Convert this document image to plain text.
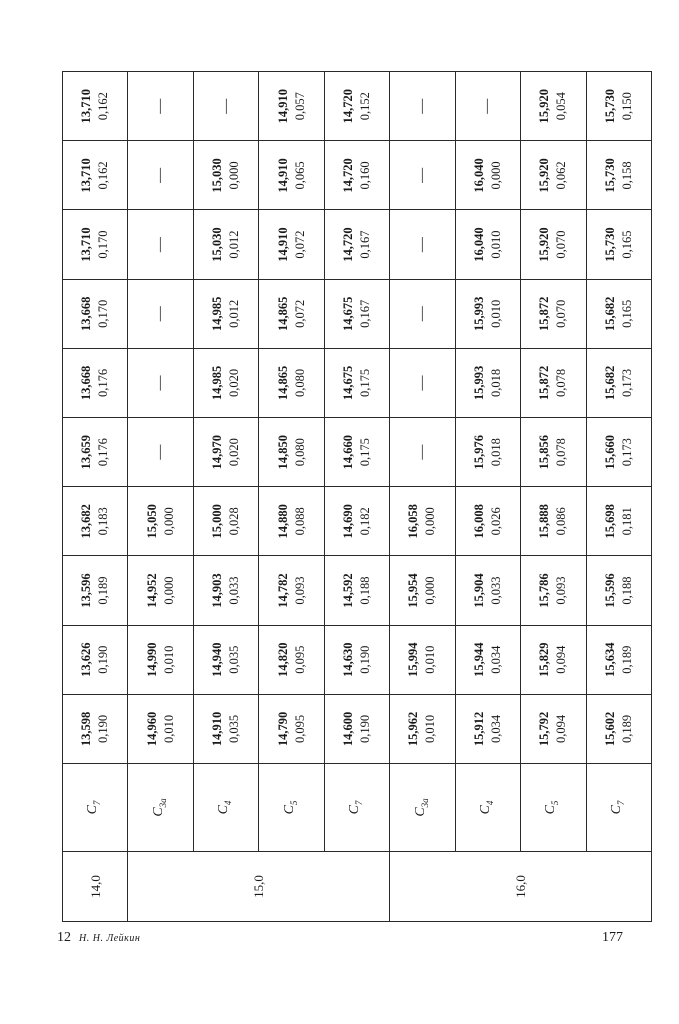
14,0	$C_7$	13,598 0,190	13,626 0,190	13,596 0,189	13,682 0,183	13,659 0,176	13,668 0,176	13,668 0,170	13,710 0,170	13,710 0,162	13,710 0,162

15,0	$C_{3a}$	14,960 0,010	14,990 0,010	14,952 0,000	15,050 0,000	—	—	—	—	—	—
	$C_4$	14,910 0,035	14,940 0,035	14,903 0,033	15,000 0,028	14,970 0,020	14,985 0,020	14,985 0,012	15,030 0,012	15,030 0,000	—
	$C_5$	14,790 0,095	14,820 0,095	14,782 0,093	14,880 0,088	14,850 0,080	14,865 0,080	14,865 0,072	14,910 0,072	14,910 0,065	14,910 0,057

	$C_7$	14,600 0,190	14,630 0,190	14,592 0,188	14,690 0,182	14,660 0,175	14,675 0,175	14,675 0,167	14,720 0,167	14,720 0,160	14,720 0,152

16,0	$C_{3a}$	15,962 0,010	15,994 0,010	15,954 0,000	16,058 0,000	—	—	—	—	—	—
	$C_4$	15,912 0,034	15,944 0,034	15,904 0,033	16,008 0,026	15,976 0,018	15,993 0,018	15,993 0,010	16,040 0,010	16,040 0,000	—
	$C_5$	15,792 0,094	15,829 0,094	15,786 0,093	15,888 0,086	15,856 0,078	15,872 0,078	15,872 0,070	15,920 0,070	15,920 0,062	15,920 0,054

	$C_7$	15,602 0,189	15,634 0,189	15,596 0,188	15,698 0,181	15,660 0,173	15,682 0,173	15,682 0,165	15,730 0,165	15,730 0,158	15,730 0,150
12 Н. Н. Лейкин	177
